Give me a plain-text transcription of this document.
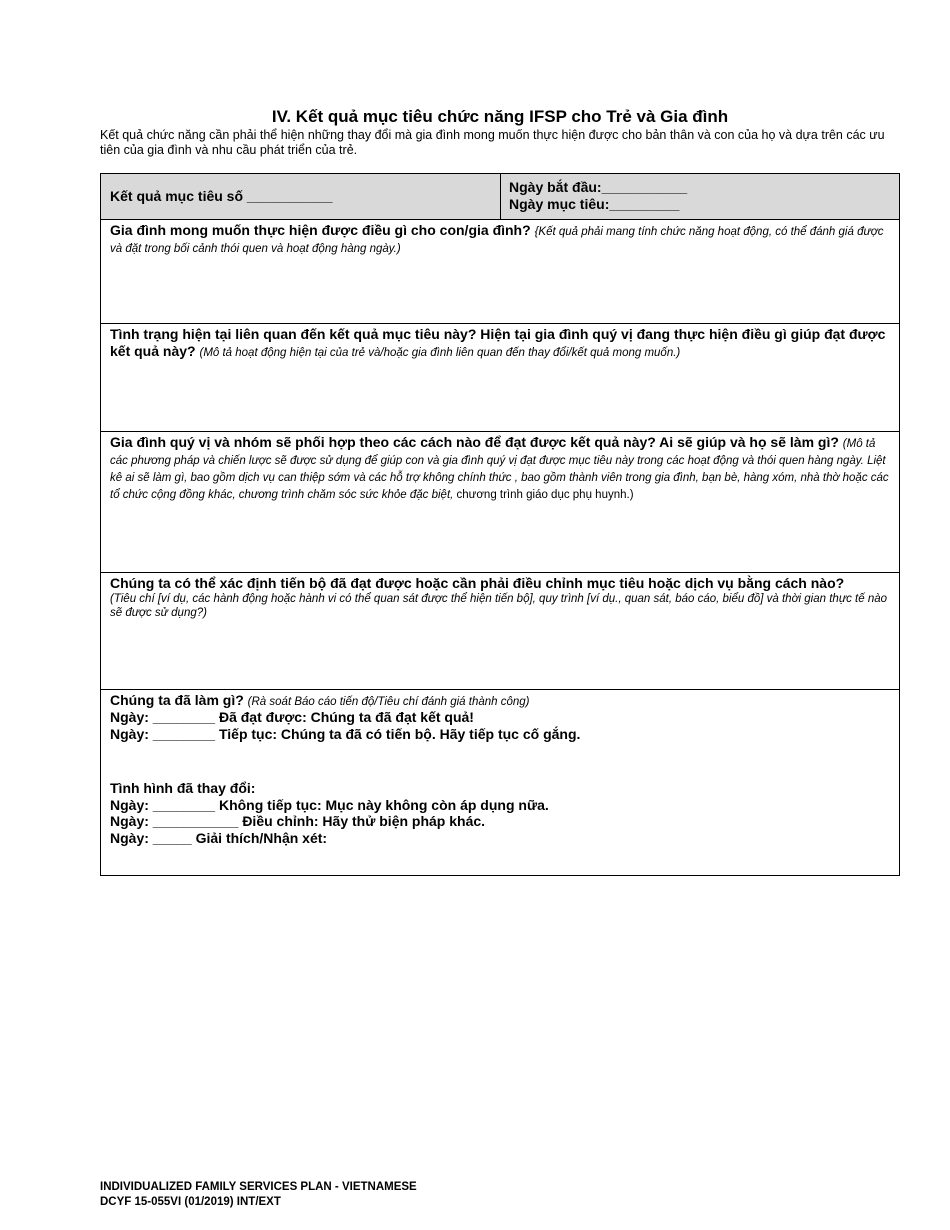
IV. Kết quả mục tiêu chức năng IFSP cho Trẻ và Gia đình
Kết quả chức năng cần phải thể hiện những thay đổi mà gia đình mong muốn thực hiện được cho bản thân và con của họ và dựa trên các ưu tiên của gia đình và nhu cầu phát triển của trẻ.
Kết quả mục tiêu số ___________
Ngày bắt đầu:___________
Ngày mục tiêu:_________
Gia đình mong muốn thực hiện được điều gì cho con/gia đình? {Kết quả phải mang tính chức năng hoạt động, có thể đánh giá được và đặt trong bối cảnh thói quen và hoạt động hàng ngày.)
Tình trạng hiện tại liên quan đến kết quả mục tiêu này? Hiện tại gia đình quý vị đang thực hiện điều gì giúp đạt được kết quả này? (Mô tả hoạt động hiện tại của trẻ và/hoặc gia đình liên quan đến thay đổi/kết quả mong muốn.)
Gia đình quý vị và nhóm sẽ phối hợp theo các cách nào để đạt được kết quả này? Ai sẽ giúp và họ sẽ làm gì? (Mô tả các phương pháp và chiến lược sẽ được sử dụng để giúp con và gia đình quý vị đạt được mục tiêu này trong các hoạt động và thói quen hàng ngày. Liệt kê ai sẽ làm gì, bao gồm dịch vụ can thiệp sớm và các hỗ trợ không chính thức , bao gồm thành viên trong gia đình, bạn bè, hàng xóm, nhà thờ hoặc các tổ chức cộng đồng khác, chương trình chăm sóc sức khỏe đặc biệt, chương trình giáo dục phụ huynh.)
Chúng ta có thể xác định tiến bộ đã đạt được hoặc cần phải điều chỉnh mục tiêu hoặc dịch vụ bằng cách nào?
(Tiêu chí [ví dụ, các hành động hoặc hành vi có thể quan sát được thể hiện tiến bộ], quy trình [ví dụ., quan sát, báo cáo, biểu đồ] và thời gian thực tế nào sẽ được sử dụng?)
Chúng ta đã làm gì? (Rà soát Báo cáo tiến độ/Tiêu chí đánh giá thành công)
Ngày: ________ Đã đạt được: Chúng ta đã đạt kết quả!
Ngày: ________ Tiếp tục: Chúng ta đã có tiến bộ. Hãy tiếp tục cố gắng.
Tình hình đã thay đổi:
Ngày: ________ Không tiếp tục: Mục này không còn áp dụng nữa.
Ngày: ___________ Điều chỉnh: Hãy thử biện pháp khác.
Ngày: _____ Giải thích/Nhận xét:
INDIVIDUALIZED FAMILY SERVICES PLAN - VIETNAMESE
DCYF 15-055VI (01/2019) INT/EXT
